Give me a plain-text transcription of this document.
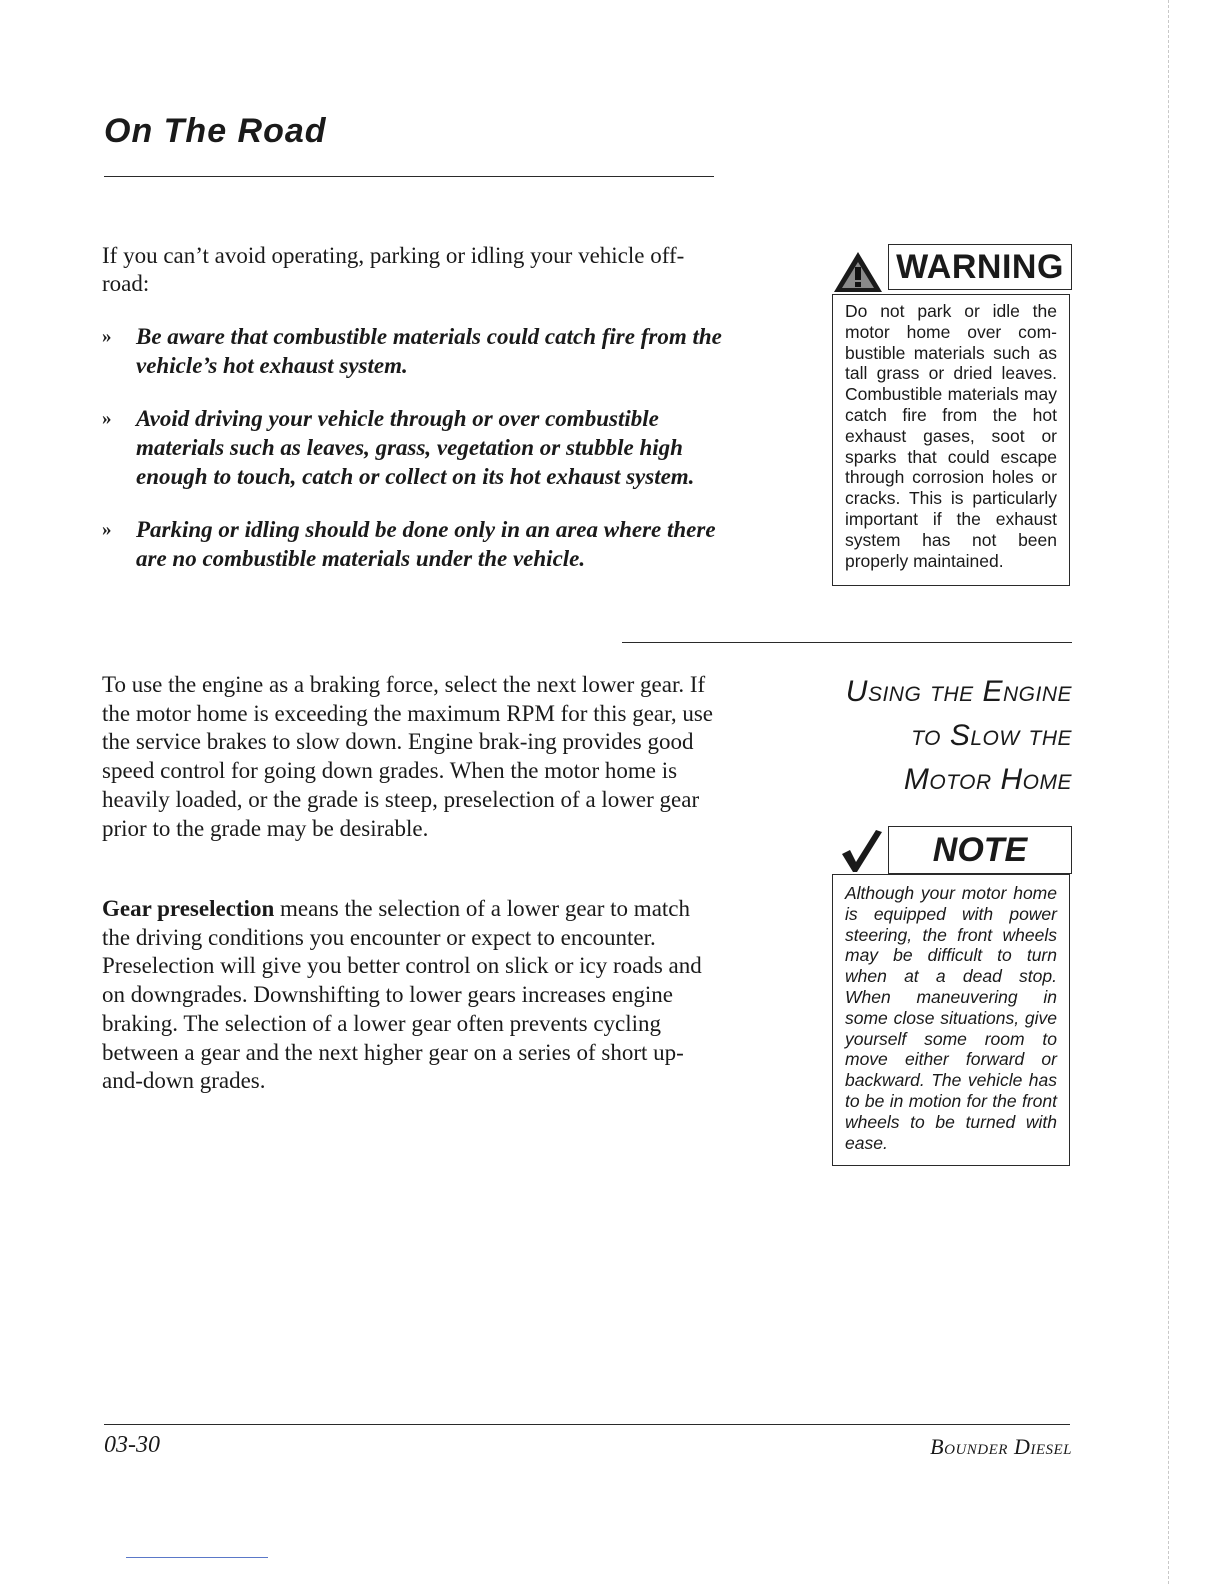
On The Road

If you can’t avoid operating, parking or idling your vehicle off-road:

»	Be aware that combustible materials could catch fire from the vehicle’s hot exhaust system.
»	Avoid driving your vehicle through or over combustible materials such as leaves, grass, vegetation or stubble high enough to touch, catch or collect on its hot exhaust system.
»	Parking or idling should be done only in an area where there are no combustible materials under the vehicle.
WARNING

Do not park or idle the motor home over com-bustible materials such as tall grass or dried leaves. Combustible materials may catch fire from the hot exhaust gases, soot or sparks that could escape through corrosion holes or cracks. This is particularly important if the exhaust system has not been properly maintained.

To use the engine as a braking force, select the next lower gear. If the motor home is exceeding the maximum RPM for this gear, use the service brakes to slow down. Engine brak-ing provides good speed control for going down grades. When the motor home is heavily loaded, or the grade is steep, preselection of a lower gear prior to the grade may be desirable.

Gear preselection means the selection of a lower gear to match the driving conditions you encounter or expect to encounter. Preselection will give you better control on slick or icy roads and on downgrades. Downshifting to lower gears increases engine braking. The selection of a lower gear often prevents cycling between a gear and the next higher gear on a series of short up-and-down grades.

Using the Engine
to Slow the
Motor Home
NOTE

Although your motor home is equipped with power steering, the front wheels may be difficult to turn when at a dead stop. When maneuvering in some close situations, give yourself some room to move either forward or backward. The vehicle has to be in motion for the front wheels to be turned with ease.

03-30	Bounder Diesel
